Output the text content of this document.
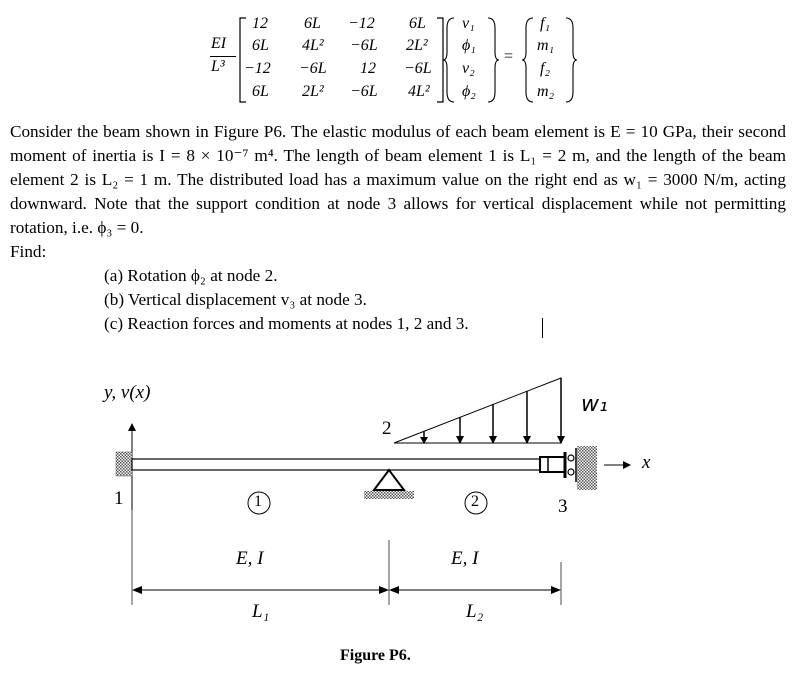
EI
L³
12 6L −12 6L
6L 4L² −6L 2L²
−12 −6L 12 −6L
6L 2L² −6L 4L²
v₁
ϕ₁
v₂
ϕ₂
=
f₁
m₁
f₂
m₂

Consider the beam shown in Figure P6. The elastic modulus of each beam element is E = 10 GPa, their second moment of inertia is I = 8 × 10⁻⁷ m⁴. The length of beam element 1 is L₁ = 2 m, and the length of the beam element 2 is L₂ = 1 m. The distributed load has a maximum value on the right end as w₁ = 3000 N/m, acting downward. Note that the support condition at node 3 allows for vertical displacement while not permitting rotation, i.e. ϕ₃ = 0.

Find:

(a) Rotation ϕ₂ at node 2.
(b) Vertical displacement v₃ at node 3.
(c) Reaction forces and moments at nodes 1, 2 and 3.
y, v(x)
x
w₁
1
2
3
1	2
E, I	E, I
L₁	L₂
Figure P6.
